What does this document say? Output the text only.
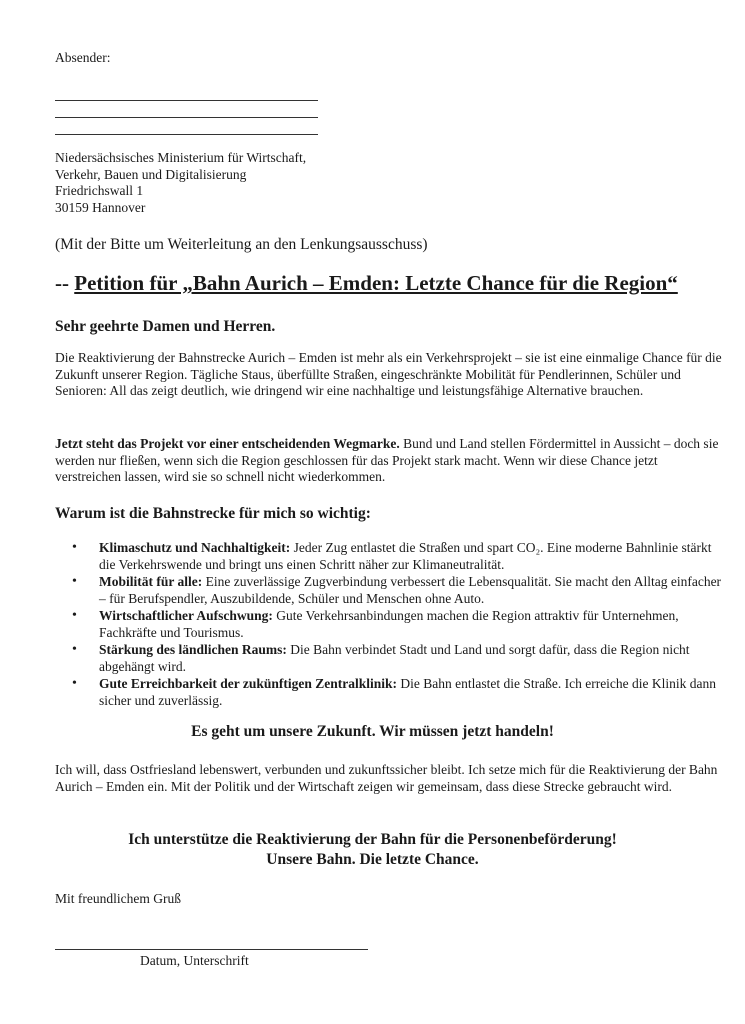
Absender:
Niedersächsisches Ministerium für Wirtschaft,
Verkehr, Bauen und Digitalisierung
Friedrichswall 1
30159 Hannover
(Mit der Bitte um Weiterleitung an den Lenkungsausschuss)
-- Petition für „Bahn Aurich – Emden: Letzte Chance für die Region“
Sehr geehrte Damen und Herren.
Die Reaktivierung der Bahnstrecke Aurich – Emden ist mehr als ein Verkehrsprojekt – sie ist eine einmalige Chance für die Zukunft unserer Region. Tägliche Staus, überfüllte Straßen, eingeschränkte Mobilität für Pendlerinnen, Schüler und Senioren: All das zeigt deutlich, wie dringend wir eine nachhaltige und leistungsfähige Alternative brauchen.
Jetzt steht das Projekt vor einer entscheidenden Wegmarke. Bund und Land stellen Fördermittel in Aussicht – doch sie werden nur fließen, wenn sich die Region geschlossen für das Projekt stark macht. Wenn wir diese Chance jetzt verstreichen lassen, wird sie so schnell nicht wiederkommen.
Warum ist die Bahnstrecke für mich so wichtig:
• Klimaschutz und Nachhaltigkeit: Jeder Zug entlastet die Straßen und spart CO₂. Eine moderne Bahnlinie stärkt die Verkehrswende und bringt uns einen Schritt näher zur Klimaneutralität.
• Mobilität für alle: Eine zuverlässige Zugverbindung verbessert die Lebensqualität. Sie macht den Alltag einfacher – für Berufspendler, Auszubildende, Schüler und Menschen ohne Auto.
• Wirtschaftlicher Aufschwung: Gute Verkehrsanbindungen machen die Region attraktiv für Unternehmen, Fachkräfte und Tourismus.
• Stärkung des ländlichen Raums: Die Bahn verbindet Stadt und Land und sorgt dafür, dass die Region nicht abgehängt wird.
• Gute Erreichbarkeit der zukünftigen Zentralklinik: Die Bahn entlastet die Straße. Ich erreiche die Klinik dann sicher und zuverlässig.
Es geht um unsere Zukunft. Wir müssen jetzt handeln!
Ich will, dass Ostfriesland lebenswert, verbunden und zukunftssicher bleibt. Ich setze mich für die Reaktivierung der Bahn Aurich – Emden ein. Mit der Politik und der Wirtschaft zeigen wir gemeinsam, dass diese Strecke gebraucht wird.
Ich unterstütze die Reaktivierung der Bahn für die Personenbeförderung!
Unsere Bahn. Die letzte Chance.
Mit freundlichem Gruß
Datum, Unterschrift
